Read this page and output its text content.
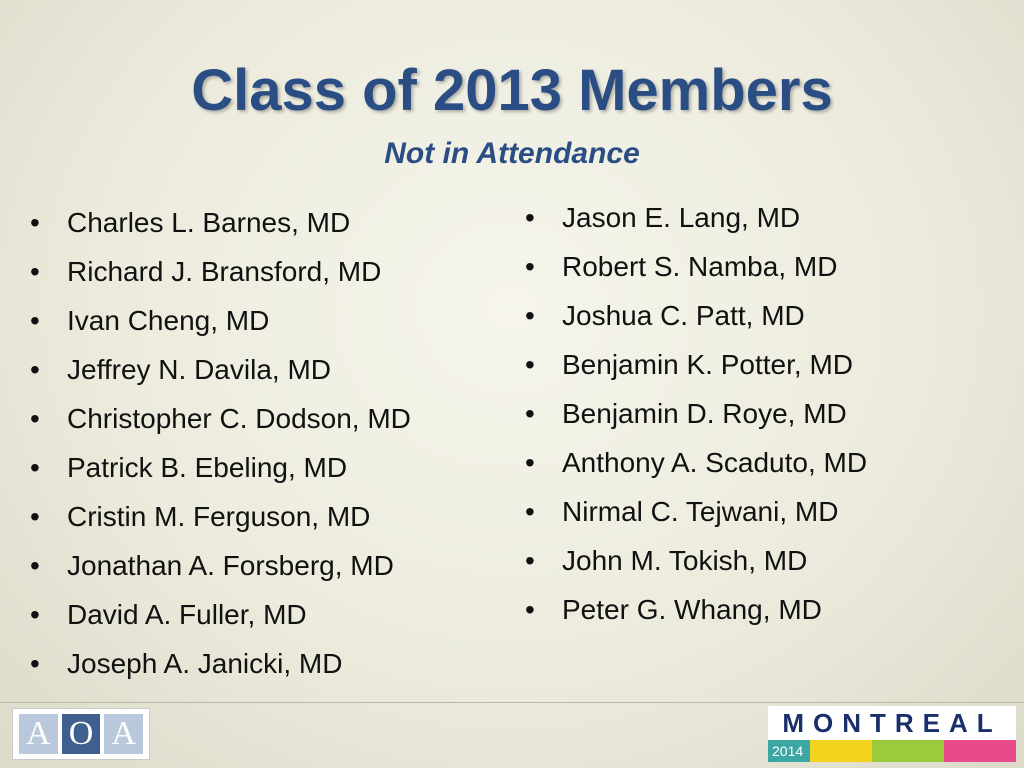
Class of 2013 Members
Not in Attendance
• Charles L. Barnes, MD
• Richard J. Bransford, MD
• Ivan Cheng, MD
• Jeffrey N. Davila, MD
• Christopher C. Dodson, MD
• Patrick B. Ebeling, MD
• Cristin M. Ferguson, MD
• Jonathan A. Forsberg, MD
• David A. Fuller, MD
• Joseph A. Janicki, MD
• Jason E. Lang, MD
• Robert S. Namba, MD
• Joshua C. Patt, MD
• Benjamin K. Potter, MD
• Benjamin D. Roye, MD
• Anthony A. Scaduto, MD
• Nirmal C. Tejwani, MD
• John M. Tokish, MD
• Peter G. Whang, MD
A O A	MONTREAL
2014
